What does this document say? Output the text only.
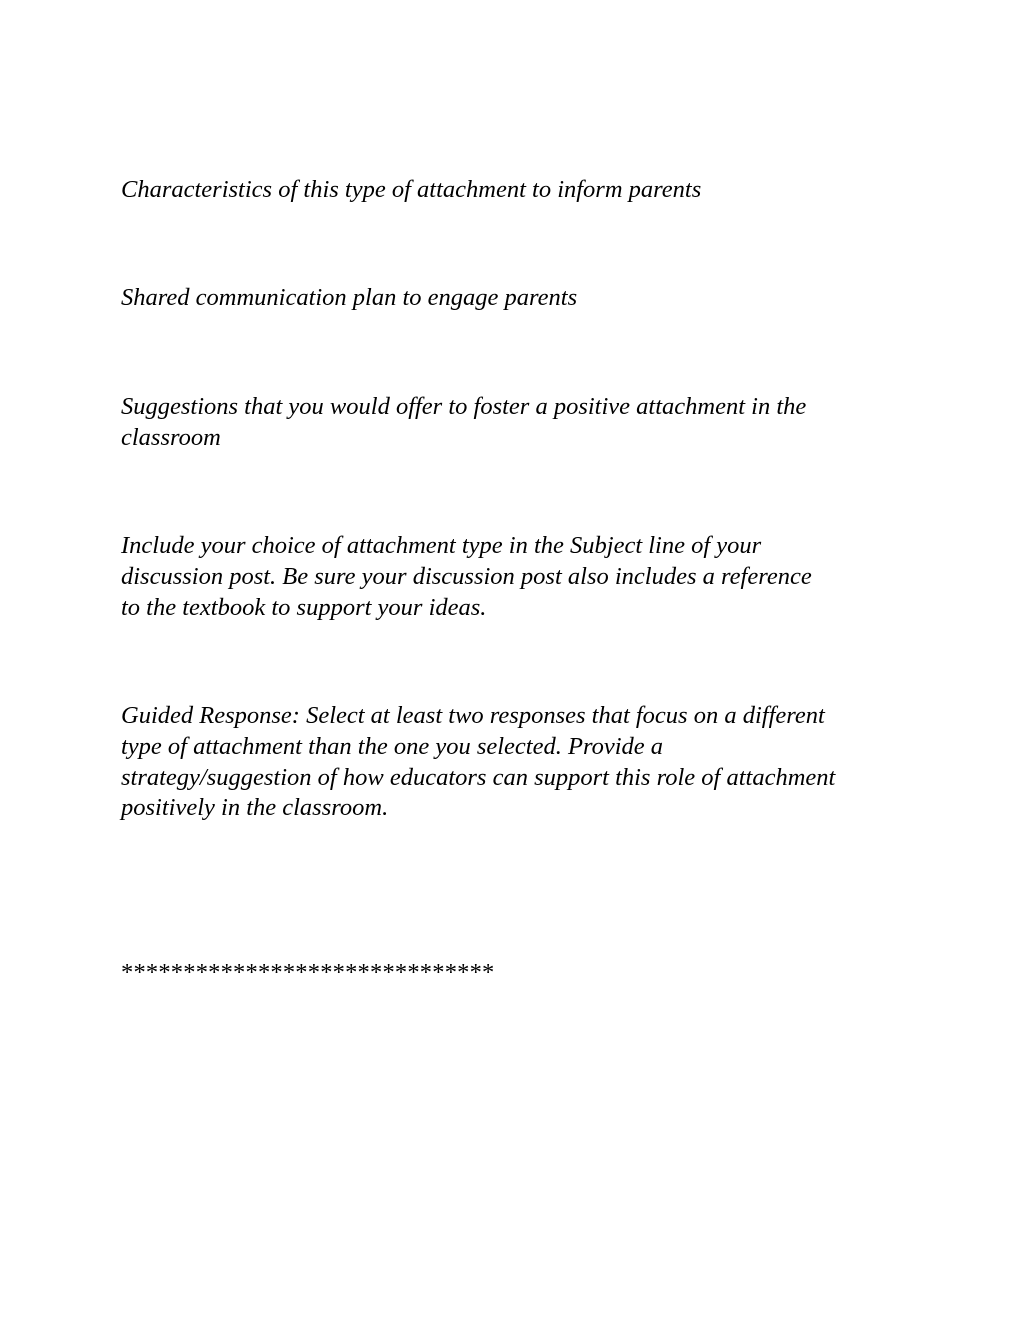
Characteristics of this type of attachment to inform parents

Shared communication plan to engage parents

Suggestions that you would offer to foster a positive attachment in the
classroom

Include your choice of attachment type in the Subject line of your
discussion post. Be sure your discussion post also includes a reference
to the textbook to support your ideas.

Guided Response: Select at least two responses that focus on a different
type of attachment than the one you selected. Provide a
strategy/suggestion of how educators can support this role of attachment
positively in the classroom.

******************************
